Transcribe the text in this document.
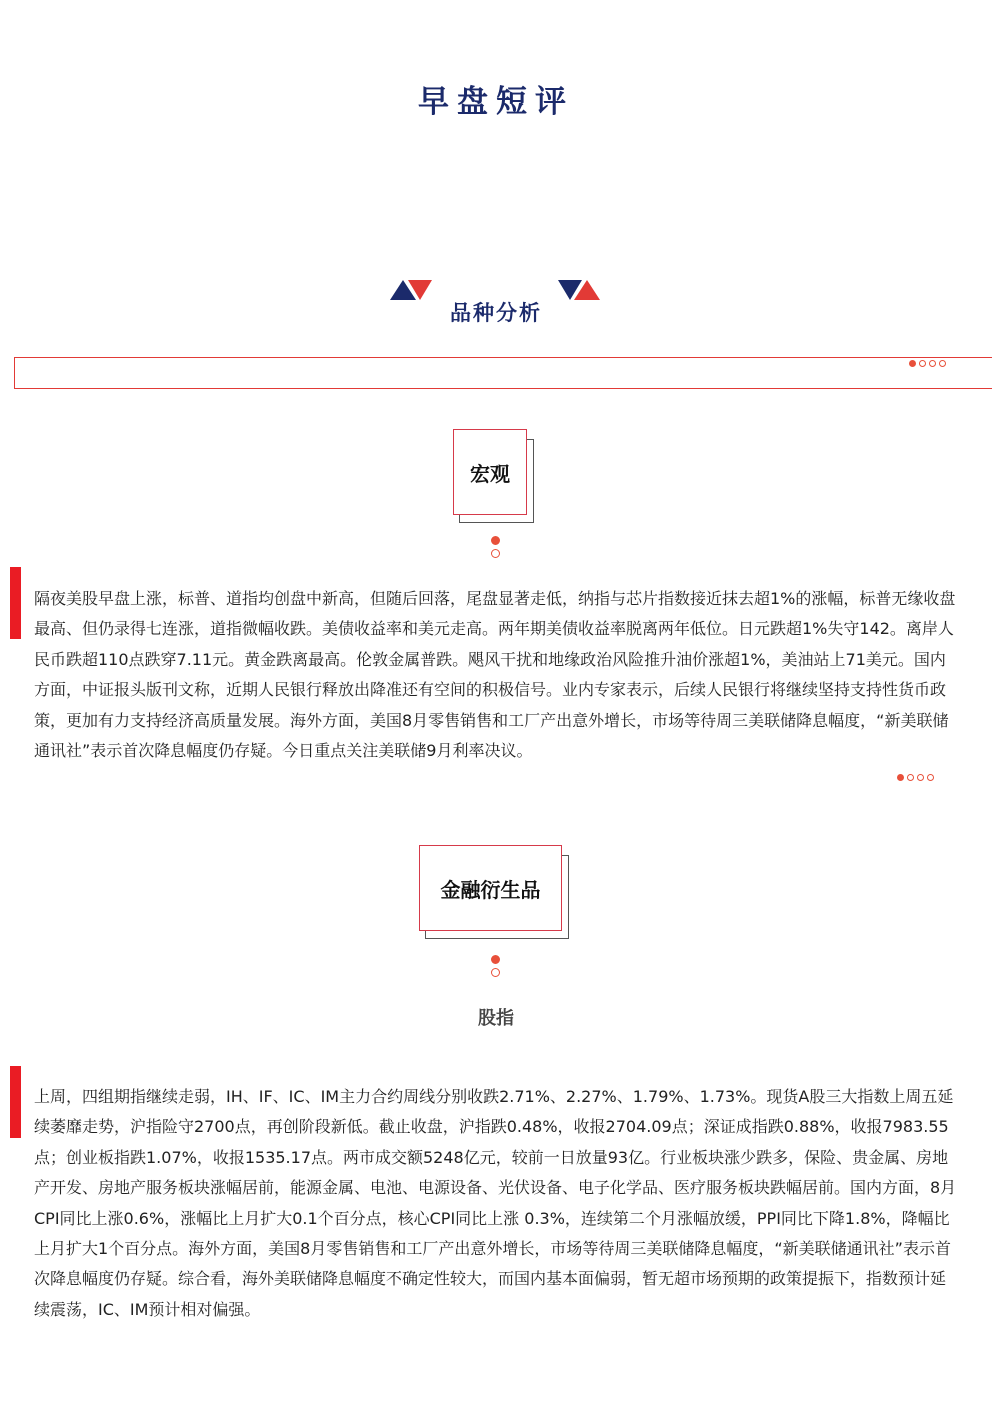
早盘短评
品种分析
宏观

隔夜美股早盘上涨，标普、道指均创盘中新高，但随后回落，尾盘显著走低，纳指与芯片指数接近抹去超1%的涨幅，标普无缘收盘最高、但仍录得七连涨，道指微幅收跌。美债收益率和美元走高。两年期美债收益率脱离两年低位。日元跌超1%失守142。离岸人民币跌超110点跌穿7.11元。黄金跌离最高。伦敦金属普跌。飓风干扰和地缘政治风险推升油价涨超1%，美油站上71美元。国内方面，中证报头版刊文称，近期人民银行释放出降准还有空间的积极信号。业内专家表示，后续人民银行将继续坚持支持性货币政策，更加有力支持经济高质量发展。海外方面，美国8月零售销售和工厂产出意外增长，市场等待周三美联储降息幅度，“新美联储通讯社”表示首次降息幅度仍存疑。今日重点关注美联储9月利率决议。

金融衍生品
股指

上周，四组期指继续走弱，IH、IF、IC、IM主力合约周线分别收跌2.71%、2.27%、1.79%、1.73%。现货A股三大指数上周五延续萎靡走势，沪指险守2700点，再创阶段新低。截止收盘，沪指跌0.48%，收报2704.09点；深证成指跌0.88%，收报7983.55点；创业板指跌1.07%，收报1535.17点。两市成交额5248亿元，较前一日放量93亿。行业板块涨少跌多，保险、贵金属、房地产开发、房地产服务板块涨幅居前，能源金属、电池、电源设备、光伏设备、电子化学品、医疗服务板块跌幅居前。国内方面，8月CPI同比上涨0.6%，涨幅比上月扩大0.1个百分点，核心CPI同比上涨 0.3%，连续第二个月涨幅放缓，PPI同比下降1.8%，降幅比上月扩大1个百分点。海外方面，美国8月零售销售和工厂产出意外增长，市场等待周三美联储降息幅度，“新美联储通讯社”表示首次降息幅度仍存疑。综合看，海外美联储降息幅度不确定性较大，而国内基本面偏弱，暂无超市场预期的政策提振下，指数预计延续震荡，IC、IM预计相对偏强。
